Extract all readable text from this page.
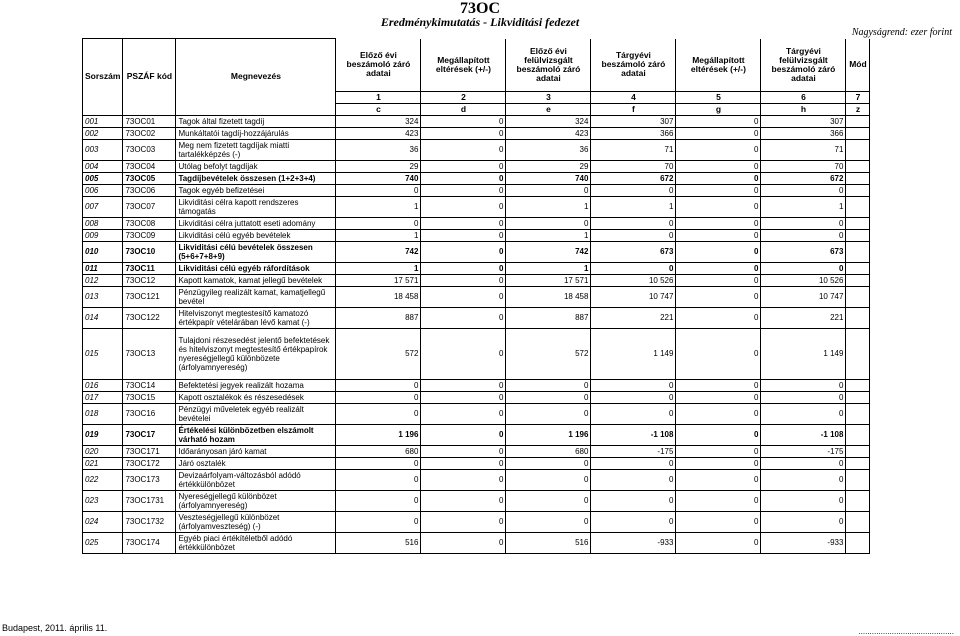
73OC
Eredménykimutatás - Likviditási fedezet
Nagyságrend: ezer forint
Sorszám	PSZÁF kód	Megnevezés	Előző évi beszámoló záró adatai	Megállapított eltérések (+/-)	Előző évi felülvizsgált beszámoló záró adatai	Tárgyévi beszámoló záró adatai	Megállapított eltérések (+/-)	Tárgyévi felülvizsgált beszámoló záró adatai	Mód
			1	2	3	4	5	6	7
			c	d	e	f	g	h	z
001	73OC01	Tagok által fizetett tagdíj	324	0	324	307	0	307	
002	73OC02	Munkáltatói tagdíj-hozzájárulás	423	0	423	366	0	366	
003	73OC03	Meg nem fizetett tagdíjak miatti tartalékképzés (-)	36	0	36	71	0	71	
004	73OC04	Utólag befolyt tagdíjak	29	0	29	70	0	70	
005	73OC05	Tagdíjbevételek összesen (1+2+3+4)	740	0	740	672	0	672	
006	73OC06	Tagok egyéb befizetései	0	0	0	0	0	0	
007	73OC07	Likviditási célra kapott rendszeres támogatás	1	0	1	1	0	1	
008	73OC08	Likviditási célra juttatott eseti adomány	0	0	0	0	0	0	
009	73OC09	Likviditási célú egyéb bevételek	1	0	1	0	0	0	
010	73OC10	Likviditási célú bevételek összesen (5+6+7+8+9)	742	0	742	673	0	673	
011	73OC11	Likviditási célú egyéb ráfordítások	1	0	1	0	0	0	
012	73OC12	Kapott kamatok, kamat jellegű bevételek	17 571	0	17 571	10 526	0	10 526	
013	73OC121	Pénzügyileg realizált kamat, kamatjellegű bevétel	18 458	0	18 458	10 747	0	10 747	
014	73OC122	Hitelviszonyt megtestesítő kamatozó értékpapír vételárában lévő kamat (-)	887	0	887	221	0	221	
015	73OC13	Tulajdoni részesedést jelentő befektetések és hitelviszonyt megtestesítő értékpapírok nyereségjellegű különbözete (árfolyamnyereség)	572	0	572	1 149	0	1 149	
016	73OC14	Befektetési jegyek realizált hozama	0	0	0	0	0	0	
017	73OC15	Kapott osztalékok és részesedések	0	0	0	0	0	0	
018	73OC16	Pénzügyi műveletek egyéb realizált bevételei	0	0	0	0	0	0	
019	73OC17	Értékelési különbözetben elszámolt várható hozam	1 196	0	1 196	-1 108	0	-1 108	
020	73OC171	Időarányosan járó kamat	680	0	680	-175	0	-175	
021	73OC172	Járó osztalék	0	0	0	0	0	0	
022	73OC173	Devizaárfolyam-változásból adódó értékkülönbözet	0	0	0	0	0	0	
023	73OC1731	Nyereségjellegű különbözet (árfolyamnyereség)	0	0	0	0	0	0	
024	73OC1732	Veszteségjellegű különbözet (árfolyamveszteség) (-)	0	0	0	0	0	0	
025	73OC174	Egyéb piaci értékítéletből adódó értékkülönbözet	516	0	516	-933	0	-933	
Budapest, 2011. április 11.	...........................................
